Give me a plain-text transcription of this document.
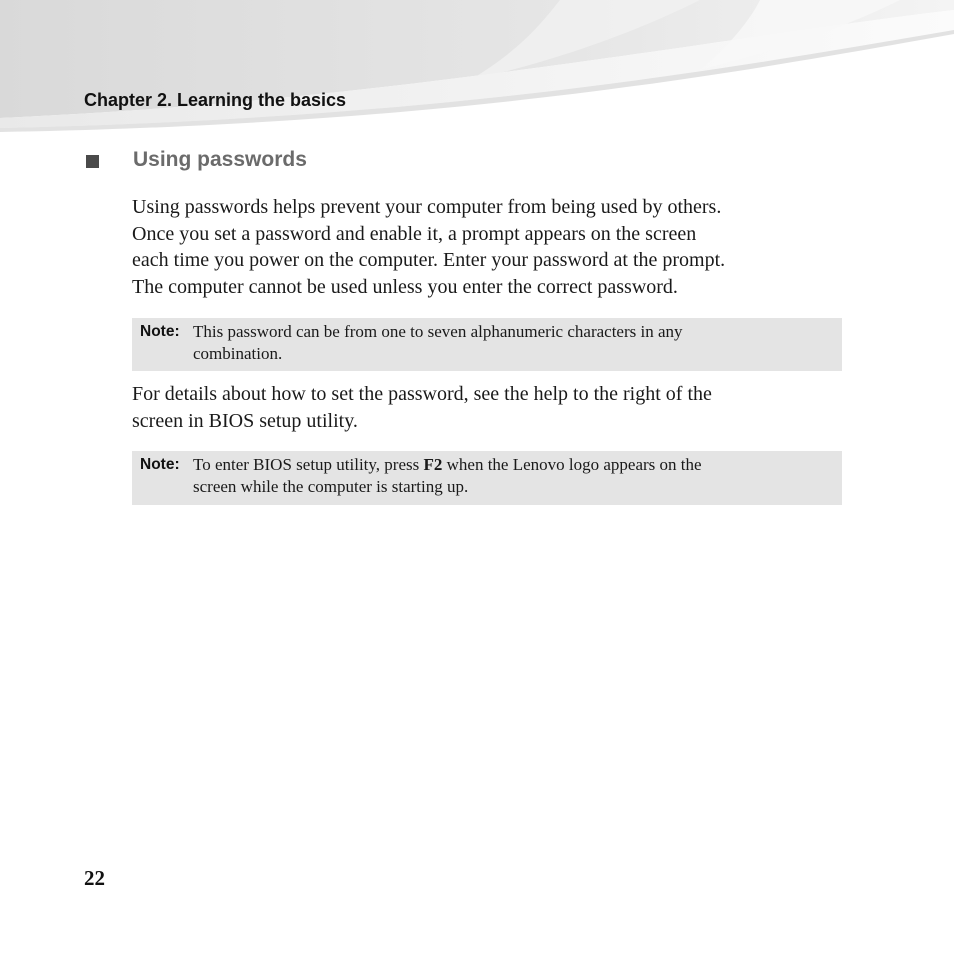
Chapter 2. Learning the basics
Using passwords
Using passwords helps prevent your computer from being used by others.
Once you set a password and enable it, a prompt appears on the screen
each time you power on the computer. Enter your password at the prompt.
The computer cannot be used unless you enter the correct password.
Note: This password can be from one to seven alphanumeric characters in any
combination.
For details about how to set the password, see the help to the right of the
screen in BIOS setup utility.
Note: To enter BIOS setup utility, press F2 when the Lenovo logo appears on the
screen while the computer is starting up.
22
